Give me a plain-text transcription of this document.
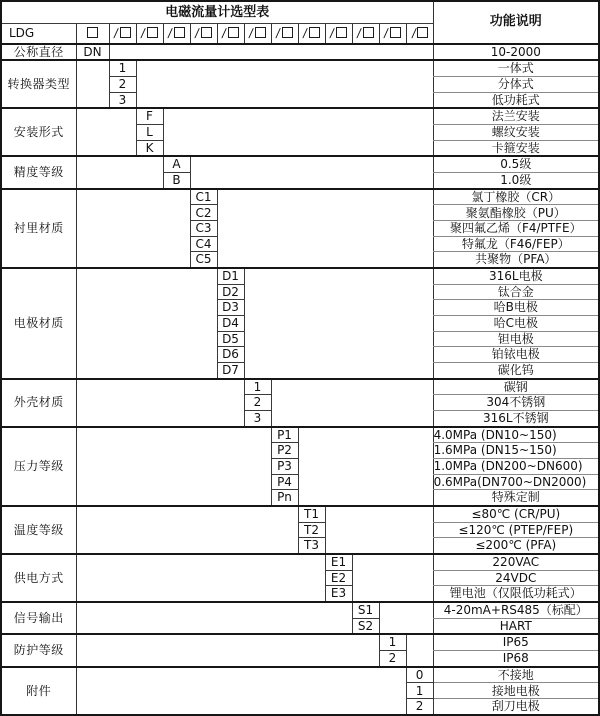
电磁流量计选型表														功能说明
LDG		/	/	/	/	/	/	/	/	/	/	/	/	
公称直径	DN													10-2000
转换器类型		1												一体式
		2												分体式
		3												低功耗式
安装形式			F											法兰安装
			L											螺纹安装
			K											卡箍安装
精度等级				A										0.5级
				B										1.0级
衬里材质					C1									氯丁橡胶（CR）
					C2									聚氨酯橡胶（PU）
					C3									聚四氟乙烯（F4/PTFE）
					C4									特氟龙（F46/FEP）
					C5									共聚物（PFA）
电极材质						D1								316L电极
						D2								钛合金
						D3								哈B电极
						D4								哈C电极
						D5								钽电极
						D6								铂铱电极
						D7								碳化钨
外壳材质							1							碳钢
							2							304不锈钢
							3							316L不锈钢
压力等级								P1						4.0MPa (DN10~150)
								P2						1.6MPa (DN15~150)
								P3						1.0MPa (DN200~DN600)
								P4						0.6MPa(DN700~DN2000)
								Pn						特殊定制
温度等级									T1					≤80℃ (CR/PU)
									T2					≤120℃ (PTEP/FEP)
									T3					≤200℃ (PFA)
供电方式										E1				220VAC
										E2				24VDC
										E3				锂电池（仅限低功耗式）
信号输出											S1			4-20mA+RS485（标配）
											S2			HART
防护等级												1		IP65
												2		IP68
附件													0	不接地
													1	接地电极
													2	刮刀电极
